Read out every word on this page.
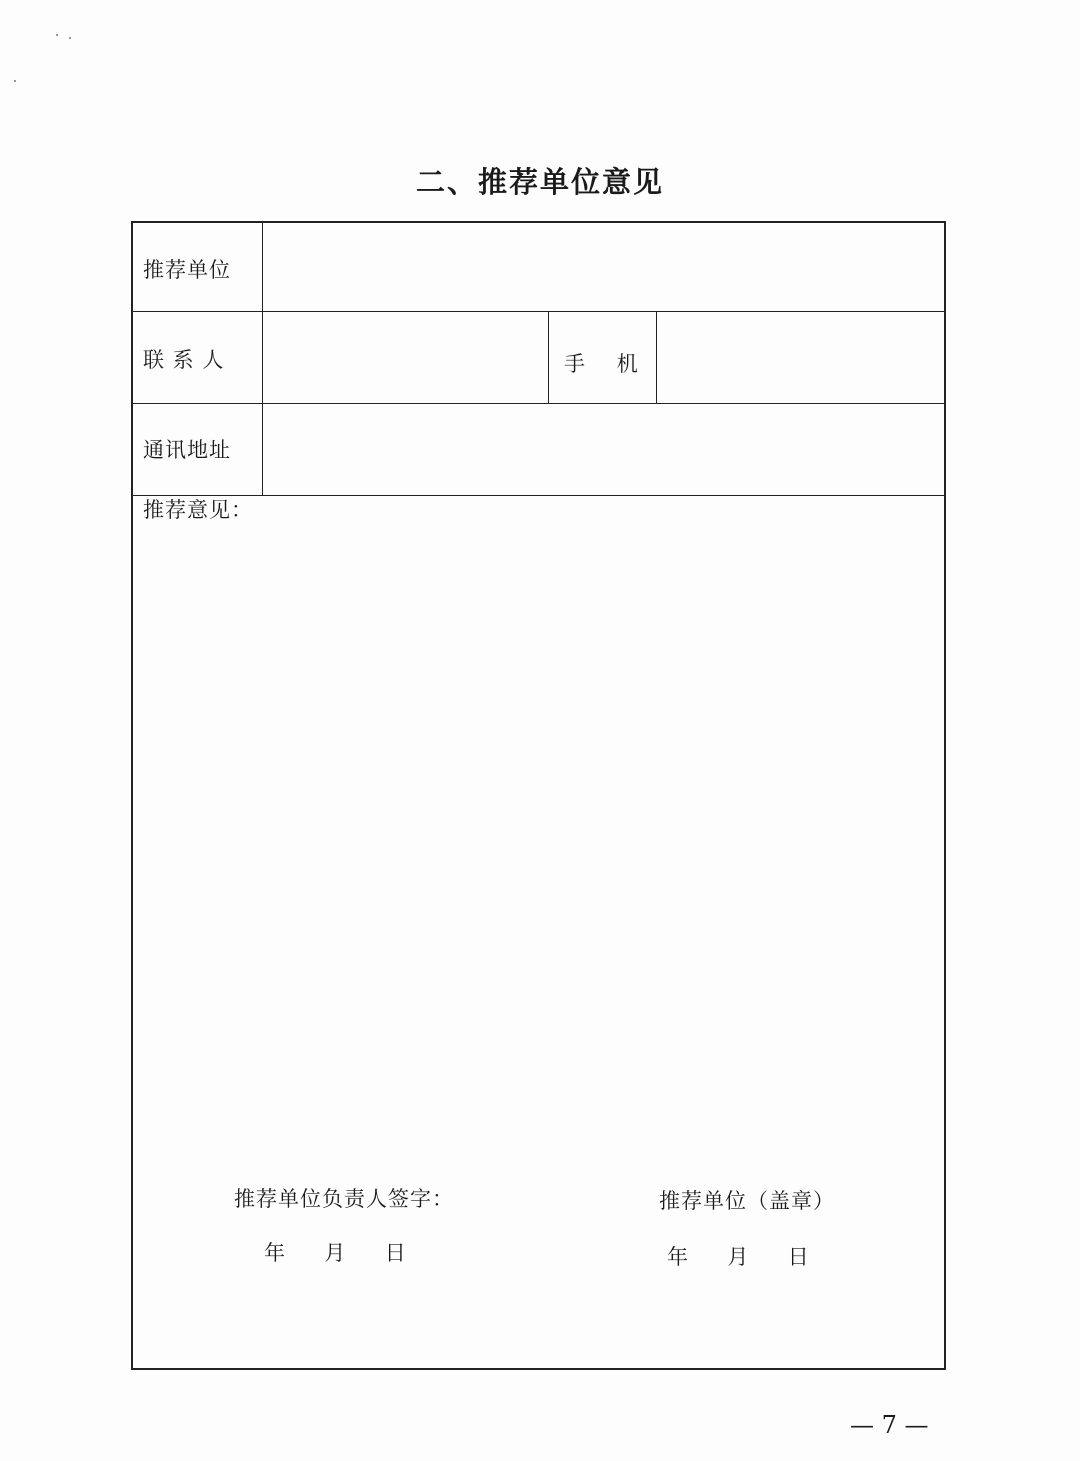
二、推荐单位意见
推荐单位
联 系 人	手    机
通讯地址
推荐意见：
推荐单位负责人签字：
年     月     日
推荐单位（盖章）
年     月     日
— 7 —
